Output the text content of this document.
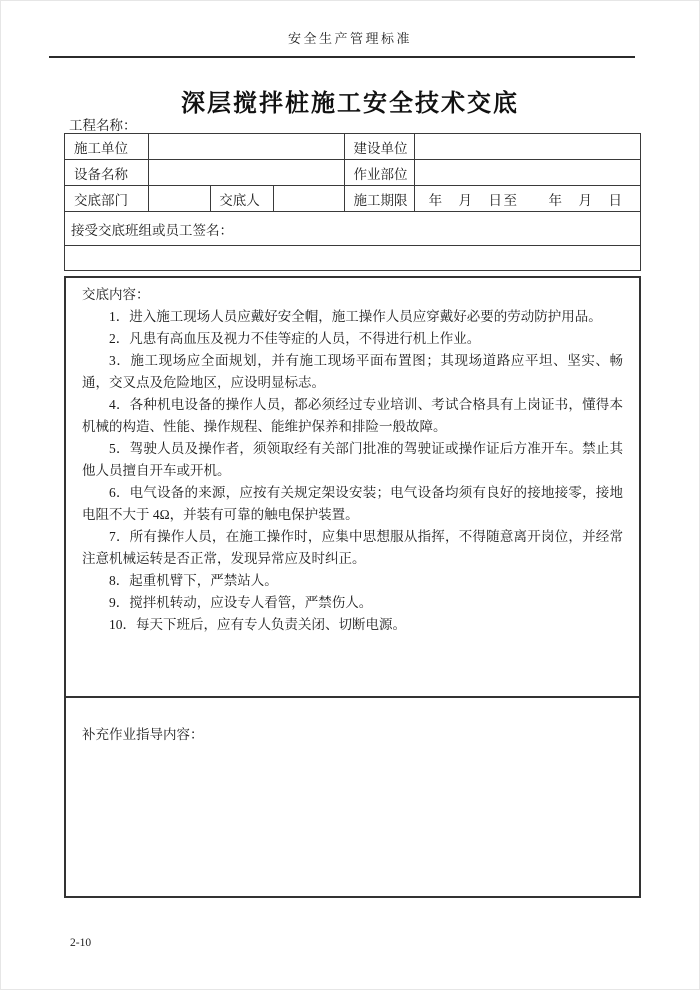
安全生产管理标准
深层搅拌桩施工安全技术交底
工程名称：
施工单位				建设单位	
设备名称				作业部位	
交底部门		交底人		施工期限	年　月　日至　　年　月　日
接受交底班组或员工签名：					

交底内容：

1．进入施工现场人员应戴好安全帽，施工操作人员应穿戴好必要的劳动防护用品。

2．凡患有高血压及视力不佳等症的人员，不得进行机上作业。

3．施工现场应全面规划，并有施工现场平面布置图；其现场道路应平坦、坚实、畅通，交叉点及危险地区，应设明显标志。

4．各种机电设备的操作人员，都必须经过专业培训、考试合格具有上岗证书，懂得本机械的构造、性能、操作规程、能维护保养和排险一般故障。

5．驾驶人员及操作者，须领取经有关部门批准的驾驶证或操作证后方准开车。禁止其他人员擅自开车或开机。

6．电气设备的来源，应按有关规定架设安装；电气设备均须有良好的接地接零，接地电阻不大于 4Ω，并装有可靠的触电保护装置。

7．所有操作人员，在施工操作时，应集中思想服从指挥，不得随意离开岗位，并经常注意机械运转是否正常，发现异常应及时纠正。

8．起重机臂下，严禁站人。

9．搅拌机转动，应设专人看管，严禁伤人。

10．每天下班后，应有专人负责关闭、切断电源。

补充作业指导内容：

2-10
